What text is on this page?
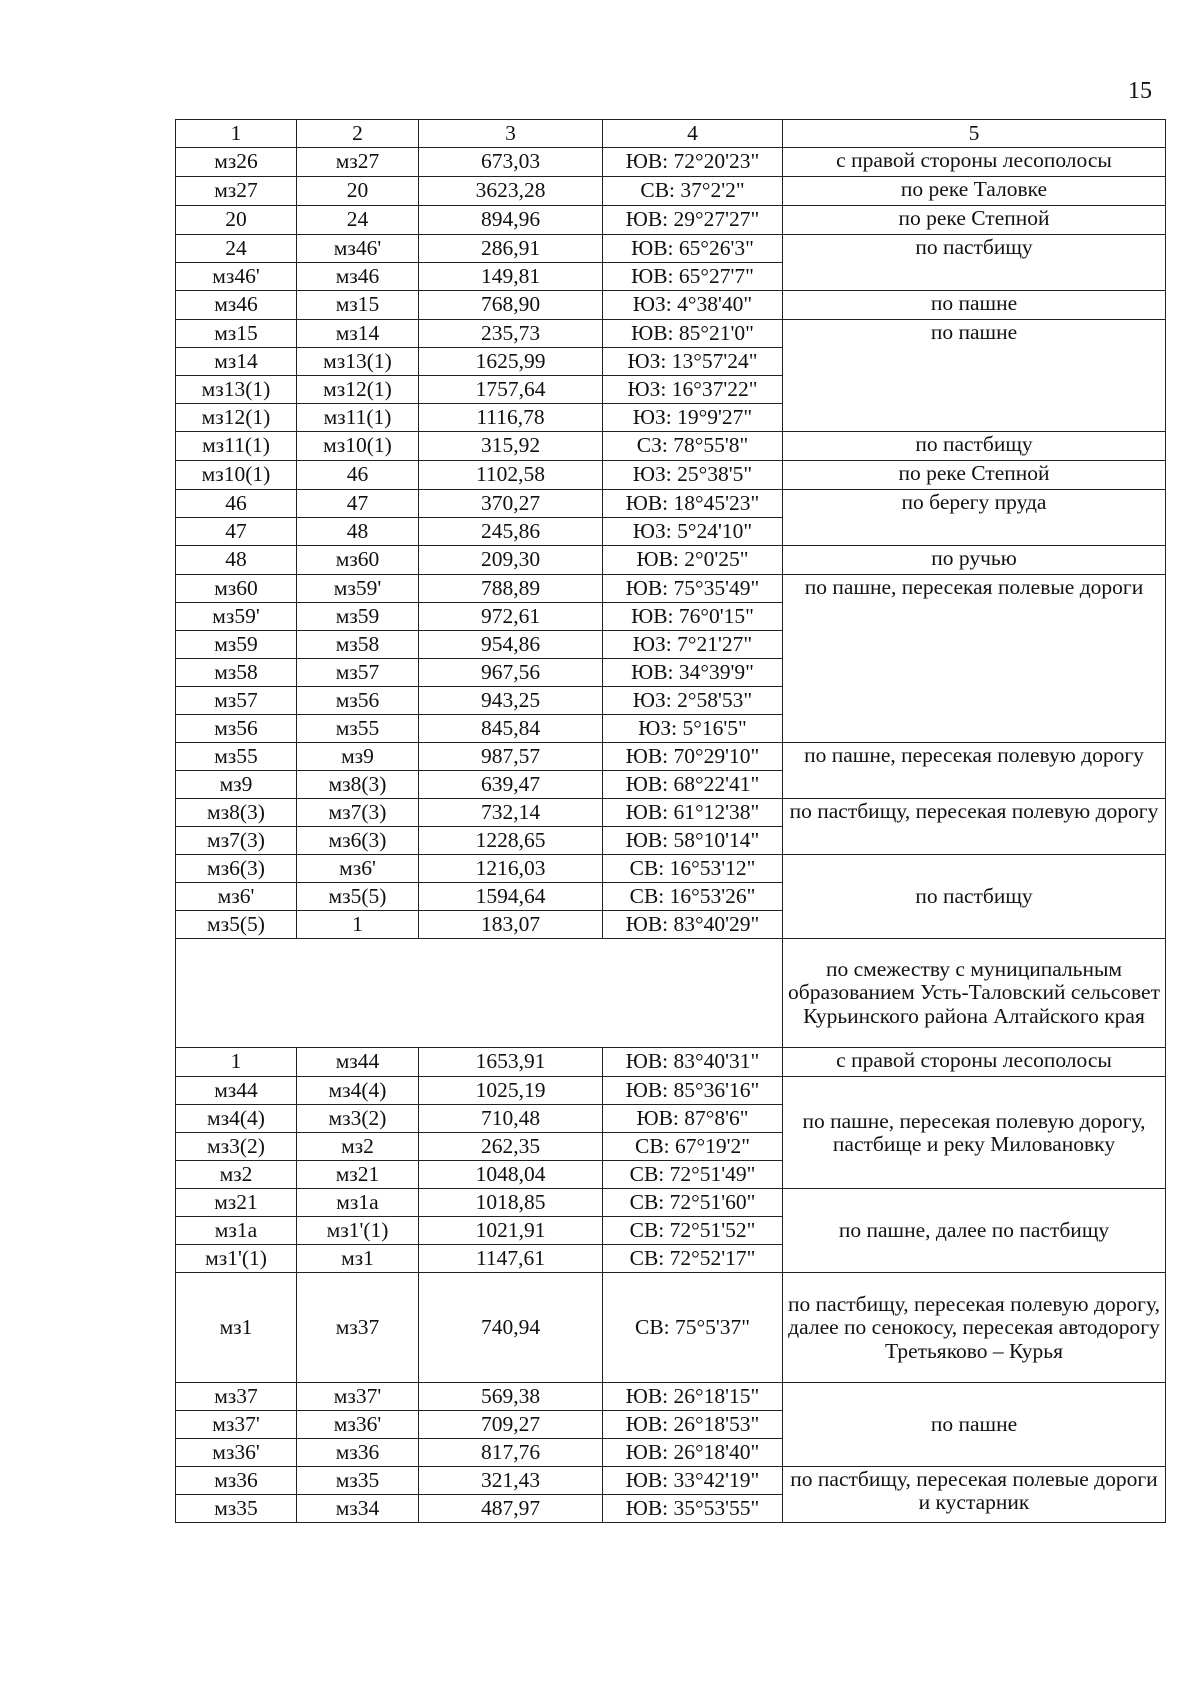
15
1	2	3	4	5
мз26	мз27	673,03	ЮВ: 72°20'23"	с правой стороны лесополосы
мз27	20	3623,28	СВ: 37°2'2"	по реке Таловке
20	24	894,96	ЮВ: 29°27'27"	по реке Степной
24	мз46'	286,91	ЮВ: 65°26'3"	по пастбищу
мз46'	мз46	149,81	ЮВ: 65°27'7"	
мз46	мз15	768,90	ЮЗ: 4°38'40"	по пашне
мз15	мз14	235,73	ЮВ: 85°21'0"	по пашне
мз14	мз13(1)	1625,99	ЮЗ: 13°57'24"	
мз13(1)	мз12(1)	1757,64	ЮЗ: 16°37'22"	
мз12(1)	мз11(1)	1116,78	ЮЗ: 19°9'27"	
мз11(1)	мз10(1)	315,92	СЗ: 78°55'8"	по пастбищу
мз10(1)	46	1102,58	ЮЗ: 25°38'5"	по реке Степной
46	47	370,27	ЮВ: 18°45'23"	по берегу пруда
47	48	245,86	ЮЗ: 5°24'10"	
48	мз60	209,30	ЮВ: 2°0'25"	по ручью
мз60	мз59'	788,89	ЮВ: 75°35'49"	по пашне, пересекая полевые дороги
мз59'	мз59	972,61	ЮВ: 76°0'15"	
мз59	мз58	954,86	ЮЗ: 7°21'27"	
мз58	мз57	967,56	ЮВ: 34°39'9"	
мз57	мз56	943,25	ЮЗ: 2°58'53"	
мз56	мз55	845,84	ЮЗ: 5°16'5"	
мз55	мз9	987,57	ЮВ: 70°29'10"	по пашне, пересекая полевую дорогу
мз9	мз8(3)	639,47	ЮВ: 68°22'41"	
мз8(3)	мз7(3)	732,14	ЮВ: 61°12'38"	по пастбищу, пересекая полевую дорогу
мз7(3)	мз6(3)	1228,65	ЮВ: 58°10'14"	
мз6(3)	мз6'	1216,03	СВ: 16°53'12"	по пастбищу
мз6'	мз5(5)	1594,64	СВ: 16°53'26"	
мз5(5)	1	183,07	ЮВ: 83°40'29"	
				по смежеству с муниципальным образованием Усть-Таловский сельсовет Курьинского района Алтайского края
1	мз44	1653,91	ЮВ: 83°40'31"	с правой стороны лесополосы
мз44	мз4(4)	1025,19	ЮВ: 85°36'16"	по пашне, пересекая полевую дорогу, пастбище и реку Миловановку
мз4(4)	мз3(2)	710,48	ЮВ: 87°8'6"	
мз3(2)	мз2	262,35	СВ: 67°19'2"	
мз2	мз21	1048,04	СВ: 72°51'49"	
мз21	мз1а	1018,85	СВ: 72°51'60"	по пашне, далее по пастбищу
мз1а	мз1'(1)	1021,91	СВ: 72°51'52"	
мз1'(1)	мз1	1147,61	СВ: 72°52'17"	
мз1	мз37	740,94	СВ: 75°5'37"	по пастбищу, пересекая полевую дорогу, далее по сенокосу, пересекая автодорогу Третьяково – Курья
мз37	мз37'	569,38	ЮВ: 26°18'15"	по пашне
мз37'	мз36'	709,27	ЮВ: 26°18'53"	
мз36'	мз36	817,76	ЮВ: 26°18'40"	
мз36	мз35	321,43	ЮВ: 33°42'19"	по пастбищу, пересекая полевые дороги и кустарник
мз35	мз34	487,97	ЮВ: 35°53'55"	
